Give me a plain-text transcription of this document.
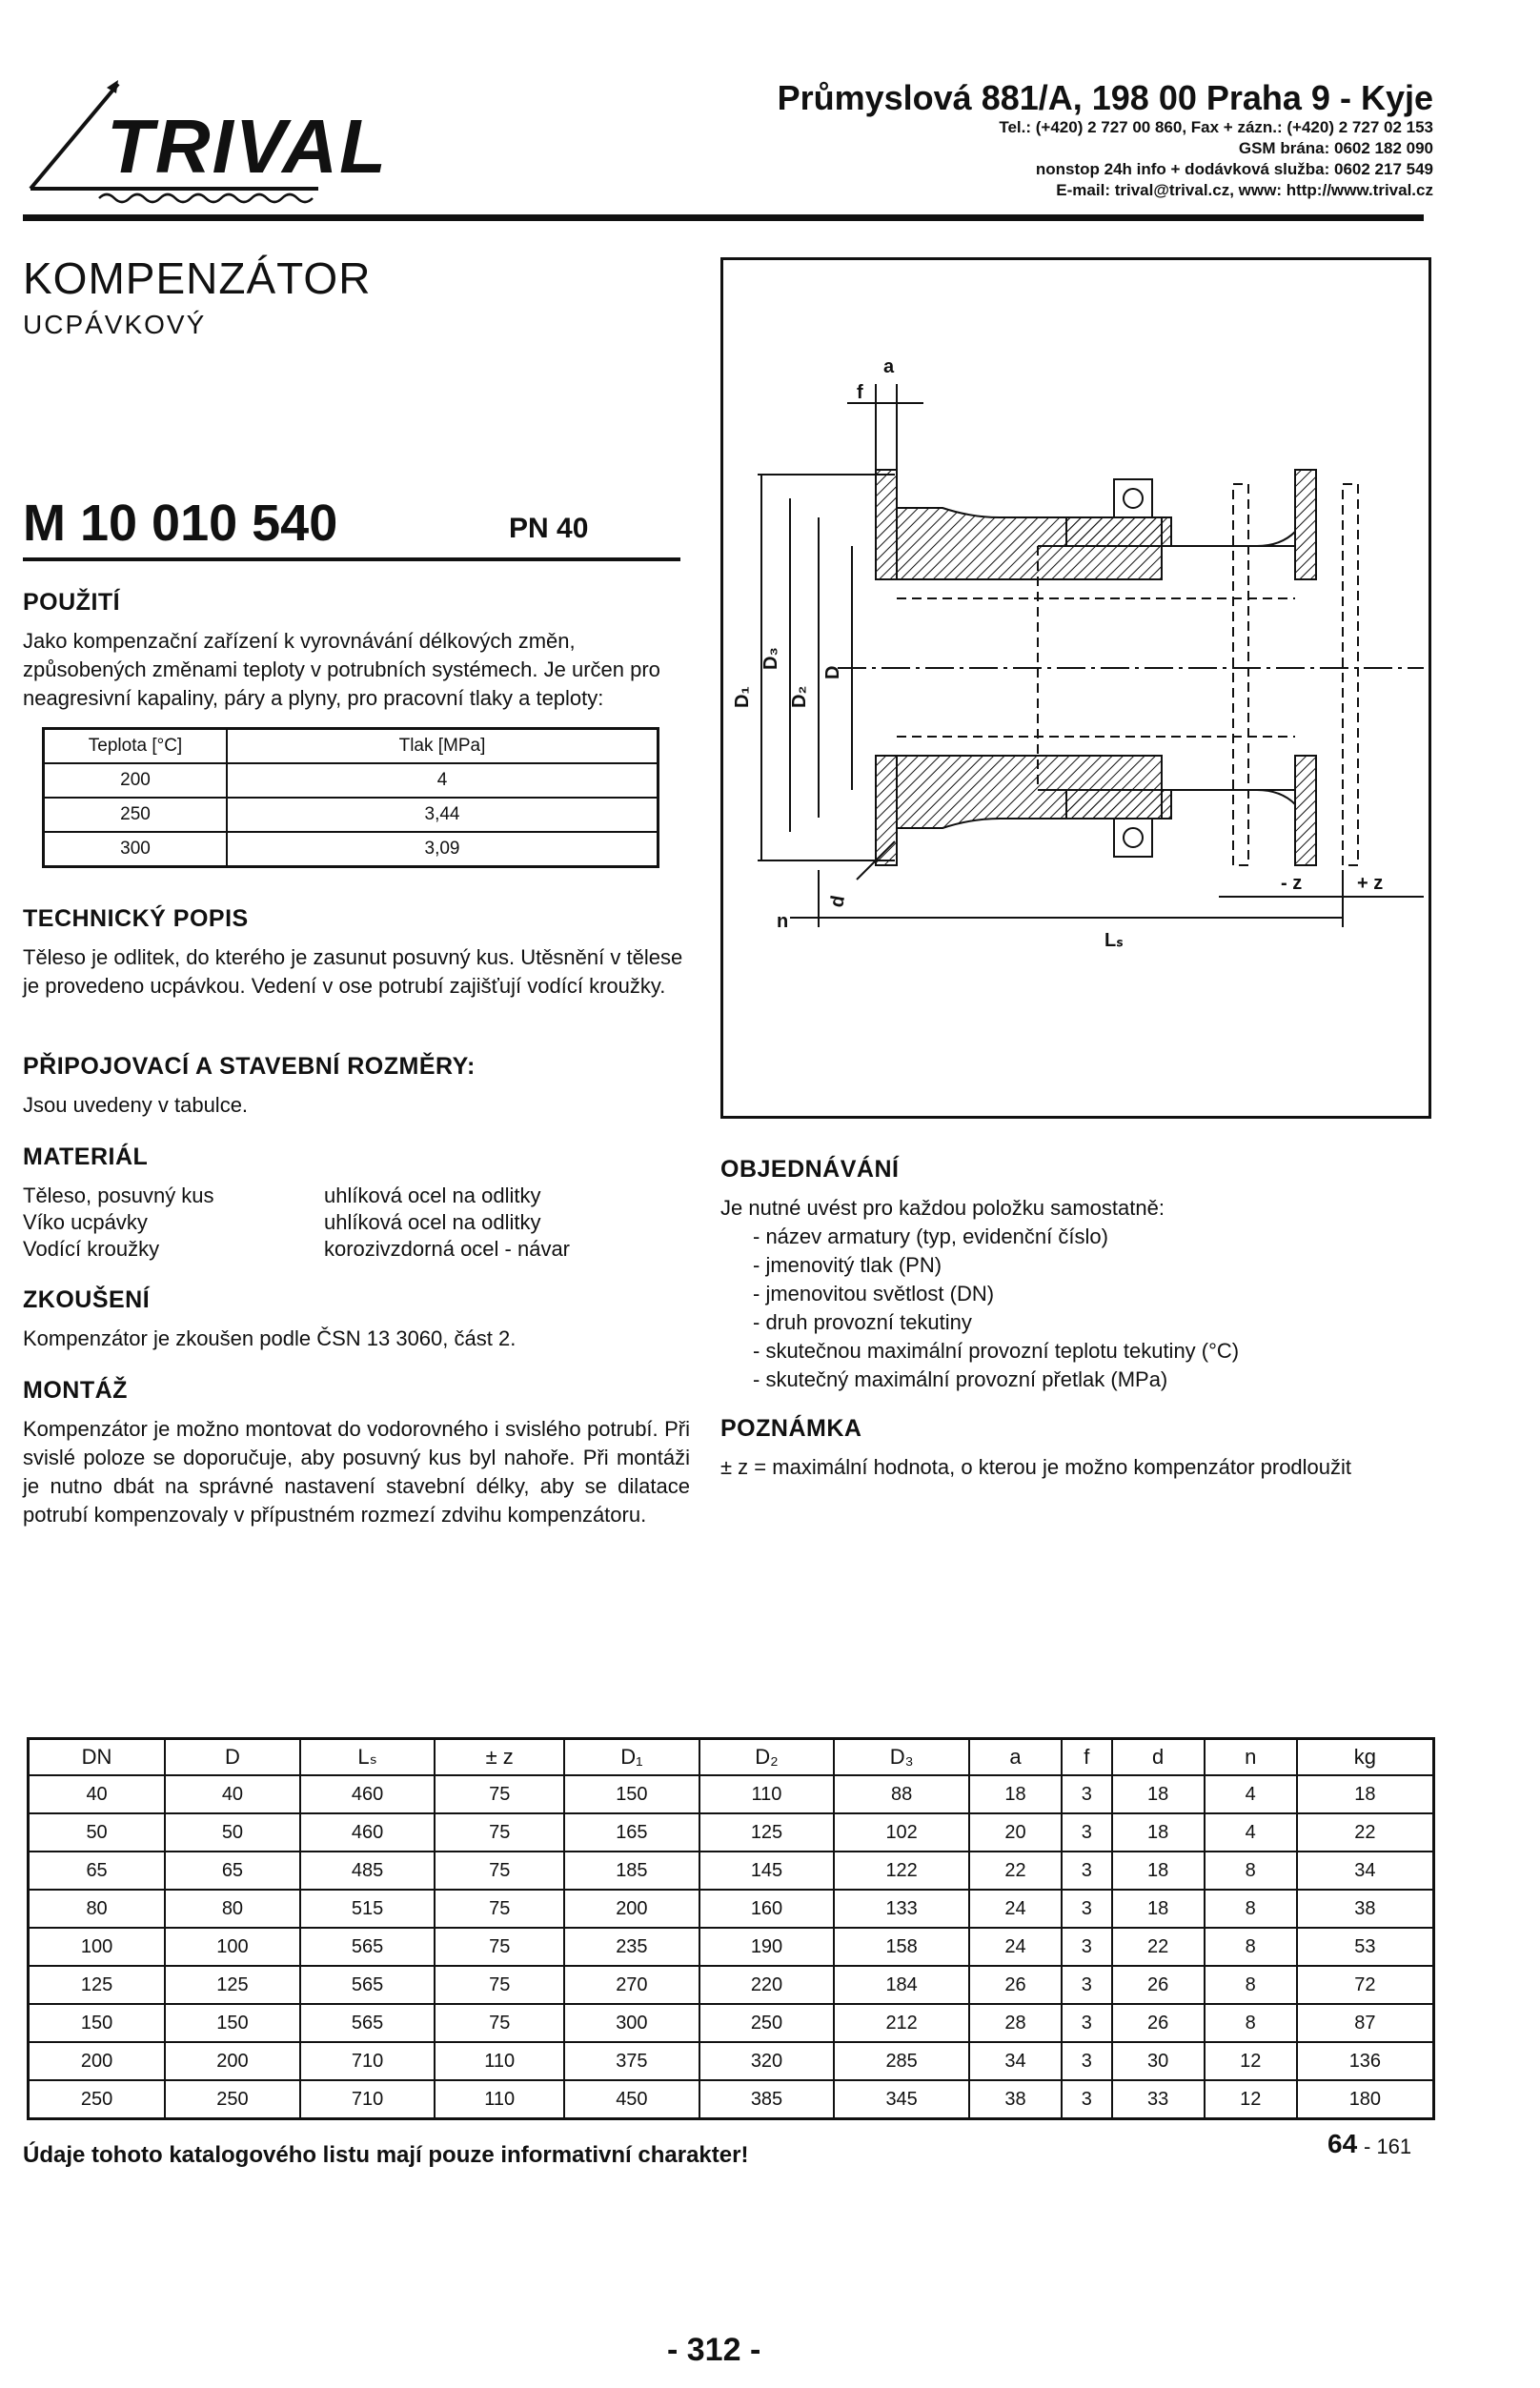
TRIVAL
Průmyslová 881/A, 198 00 Praha 9 - Kyje
Tel.: (+420) 2 727 00 860, Fax + zázn.: (+420) 2 727 02 153
GSM brána: 0602 182 090
nonstop 24h info + dodávková služba: 0602 217 549
E-mail: trival@trival.cz, www: http://www.trival.cz
KOMPENZÁTOR
UCPÁVKOVÝ
M 10 010 540	PN 40
POUŽITÍ
Jako kompenzační zařízení k vyrovnávání délkových změn, způsobených změnami teploty v potrubních systémech. Je určen pro neagresivní kapaliny, páry a plyny, pro pracovní tlaky a teploty:
Teplota [°C]	Tlak [MPa]
200	4
250	3,44
300	3,09
TECHNICKÝ POPIS
Těleso je odlitek, do kterého je zasunut posuvný kus. Utěsnění v tělese je provedeno ucpávkou. Vedení v ose potrubí zajišťují vodící kroužky.
PŘIPOJOVACÍ A STAVEBNÍ ROZMĚRY:
Jsou uvedeny v tabulce.
MATERIÁL
Těleso, posuvný kus	uhlíková ocel na odlitky
Víko ucpávky	uhlíková ocel na odlitky
Vodící kroužky	korozivzdorná ocel - návar
ZKOUŠENÍ
Kompenzátor je zkoušen podle ČSN 13 3060, část 2.
MONTÁŽ
Kompenzátor je možno montovat do vodorovného i svislého potrubí. Při svislé poloze se doporučuje, aby posuvný kus byl nahoře. Při montáži je nutno dbát na správné nastavení stavební délky, aby se dilatace potrubí kompenzovaly v přípustném rozmezí zdvihu kompenzátoru.
a
f
D₁
D₃
D₂
D
n
d
Lₛ
- z	+ z
OBJEDNÁVÁNÍ
Je nutné uvést pro každou položku samostatně:
- název armatury (typ, evidenční číslo)
- jmenovitý tlak (PN)
- jmenovitou světlost (DN)
- druh provozní tekutiny
- skutečnou maximální provozní teplotu tekutiny (°C)
- skutečný maximální provozní přetlak (MPa)
POZNÁMKA
± z = maximální hodnota, o kterou je možno kompenzátor prodloužit
DN	D	Lₛ	± z	D₁	D₂	D₃	a	f	d	n	kg
40	40	460	75	150	110	88	18	3	18	4	18
50	50	460	75	165	125	102	20	3	18	4	22
65	65	485	75	185	145	122	22	3	18	8	34
80	80	515	75	200	160	133	24	3	18	8	38
100	100	565	75	235	190	158	24	3	22	8	53
125	125	565	75	270	220	184	26	3	26	8	72
150	150	565	75	300	250	212	28	3	26	8	87
200	200	710	110	375	320	285	34	3	30	12	136
250	250	710	110	450	385	345	38	3	33	12	180
Údaje tohoto katalogového listu mají pouze informativní charakter!	64 - 161
- 312 -
